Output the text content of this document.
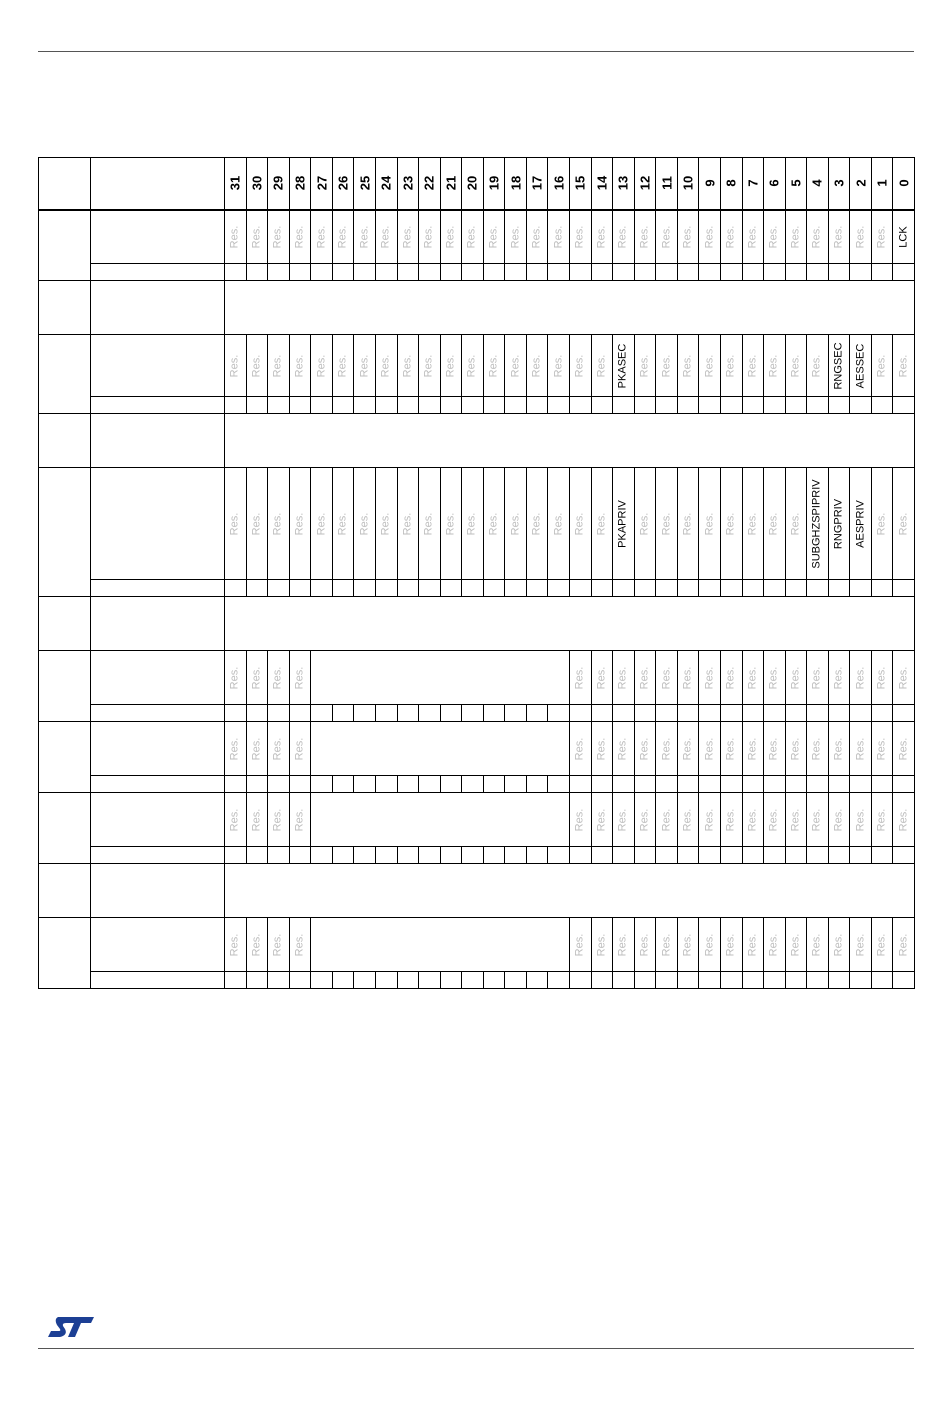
		31	30	29	28	27	26	25	24	23	22	21	20	19	18	17	16	15	14	13	12	11	10	9	8	7	6	5	4	3	2	1	0

		Res.	Res.	Res.	Res.	Res.	Res.	Res.	Res.	Res.	Res.	Res.	Res.	Res.	Res.	Res.	Res.	Res.	Res.	Res.	Res.	Res.	Res.	Res.	Res.	Res.	Res.	Res.	Res.	Res.	Res.	Res.	LCK

		Res.	Res.	Res.	Res.	Res.	Res.	Res.	Res.	Res.	Res.	Res.	Res.	Res.	Res.	Res.	Res.	Res.	Res.	PKASEC	Res.	Res.	Res.	Res.	Res.	Res.	Res.	Res.	Res.	RNGSEC	AESSEC	Res.	Res.

		Res.	Res.	Res.	Res.	Res.	Res.	Res.	Res.	Res.	Res.	Res.	Res.	Res.	Res.	Res.	Res.	Res.	Res.	PKAPRIV	Res.	Res.	Res.	Res.	Res.	Res.	Res.	Res.	SUBGHZSPIPRIV	RNGPRIV	AESPRIV	Res.	Res.

		Res.	Res.	Res.	Res.													Res.	Res.	Res.	Res.	Res.	Res.	Res.	Res.	Res.	Res.	Res.	Res.	Res.	Res.	Res.	Res.

		Res.	Res.	Res.	Res.													Res.	Res.	Res.	Res.	Res.	Res.	Res.	Res.	Res.	Res.	Res.	Res.	Res.	Res.	Res.	Res.

		Res.	Res.	Res.	Res.													Res.	Res.	Res.	Res.	Res.	Res.	Res.	Res.	Res.	Res.	Res.	Res.	Res.	Res.	Res.	Res.

		Res.	Res.	Res.	Res.													Res.	Res.	Res.	Res.	Res.	Res.	Res.	Res.	Res.	Res.	Res.	Res.	Res.	Res.	Res.	Res.
